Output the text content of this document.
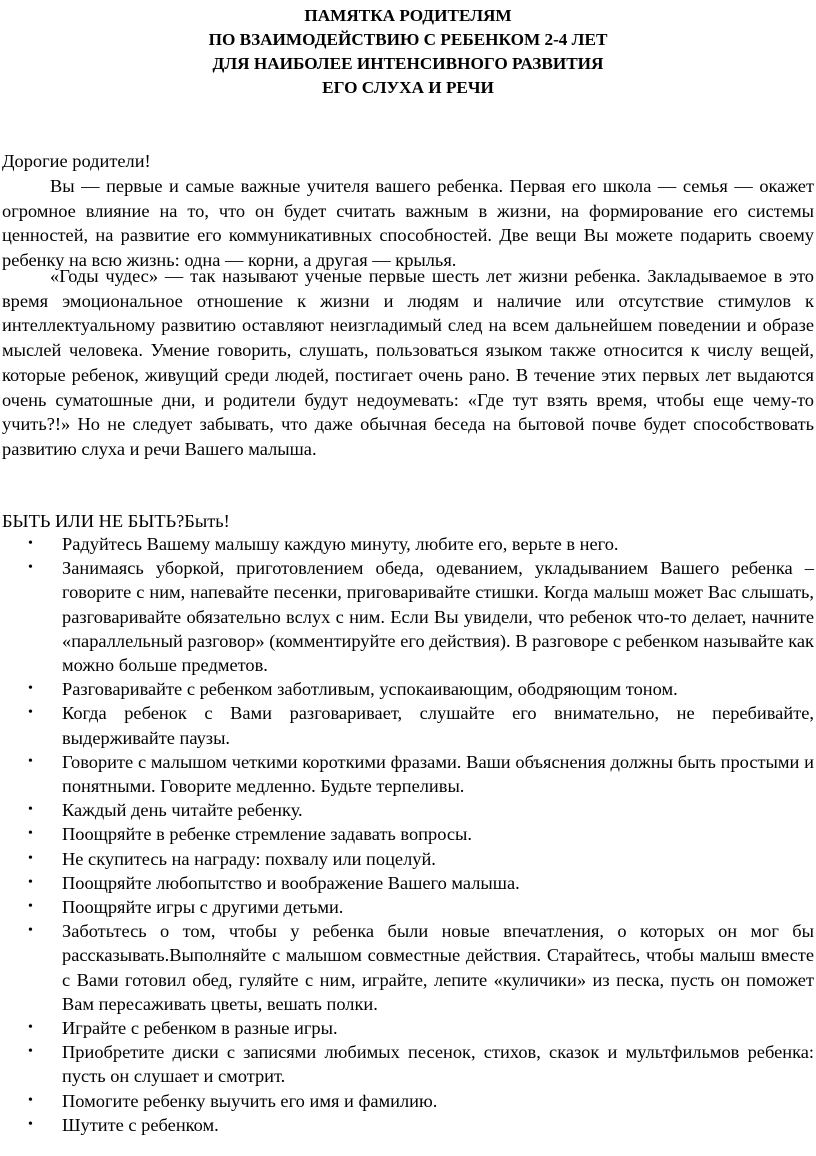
ПАМЯТКА РОДИТЕЛЯМ
ПО ВЗАИМОДЕЙСТВИЮ С РЕБЕНКОМ 2-4 ЛЕТ
ДЛЯ НАИБОЛЕЕ ИНТЕНСИВНОГО РАЗВИТИЯ
ЕГО СЛУХА И РЕЧИ
Дорогие родители!

Вы — первые и самые важные учителя вашего ребенка. Первая его школа — семья — окажет огромное влияние на то, что он будет считать важным в жизни, на формирование его системы ценностей, на развитие его коммуникативных способностей. Две вещи Вы можете подарить своему ребенку на всю жизнь: одна — корни, а другая — крылья.

«Годы чудес» — так называют ученые первые шесть лет жизни ребенка. Закладываемое в это время эмоциональное отношение к жизни и людям и наличие или отсутствие стимулов к интеллектуальному развитию оставляют неизгладимый след на всем дальнейшем поведении и образе мыслей человека. Умение говорить, слушать, пользоваться языком также относится к числу вещей, которые ребенок, живущий среди людей, постигает очень рано. В течение этих первых лет выдаются очень суматошные дни, и родители будут недоумевать: «Где тут взять время, чтобы еще чему-то учить?!» Но не следует забывать, что даже обычная беседа на бытовой почве будет способствовать развитию слуха и речи Вашего малыша.

БЫТЬ ИЛИ НЕ БЫТЬ?Быть!
• Радуйтесь Вашему малышу каждую минуту, любите его, верьте в него.
• Занимаясь уборкой, приготовлением обеда, одеванием, укладыванием Вашего ребенка – говорите с ним, напевайте песенки, приговаривайте стишки. Когда малыш может Вас слышать, разговаривайте обязательно вслух с ним. Если Вы увидели, что ребенок что-то делает, начните «параллельный разговор» (комментируйте его действия). В разговоре с ребенком называйте как можно больше предметов.
• Разговаривайте с ребенком заботливым, успокаивающим, ободряющим тоном.
• Когда ребенок с Вами разговаривает, слушайте его внимательно, не перебивайте, выдерживайте паузы.
• Говорите с малышом четкими короткими фразами. Ваши объяснения должны быть простыми и понятными. Говорите медленно. Будьте терпеливы.
• Каждый день читайте ребенку.
• Поощряйте в ребенке стремление задавать вопросы.
• Не скупитесь на награду: похвалу или поцелуй.
• Поощряйте любопытство и воображение Вашего малыша.
• Поощряйте игры с другими детьми.
• Заботьтесь о том, чтобы у ребенка были новые впечатления, о которых он мог бы рассказывать.Выполняйте с малышом совместные действия. Старайтесь, чтобы малыш вместе с Вами готовил обед, гуляйте с ним, играйте, лепите «куличики» из песка, пусть он поможет Вам пересаживать цветы, вешать полки.
• Играйте с ребенком в разные игры.
• Приобретите диски с записями любимых песенок, стихов, сказок и мультфильмов ребенка: пусть он слушает и смотрит.
• Помогите ребенку выучить его имя и фамилию.
• Шутите с ребенком.
